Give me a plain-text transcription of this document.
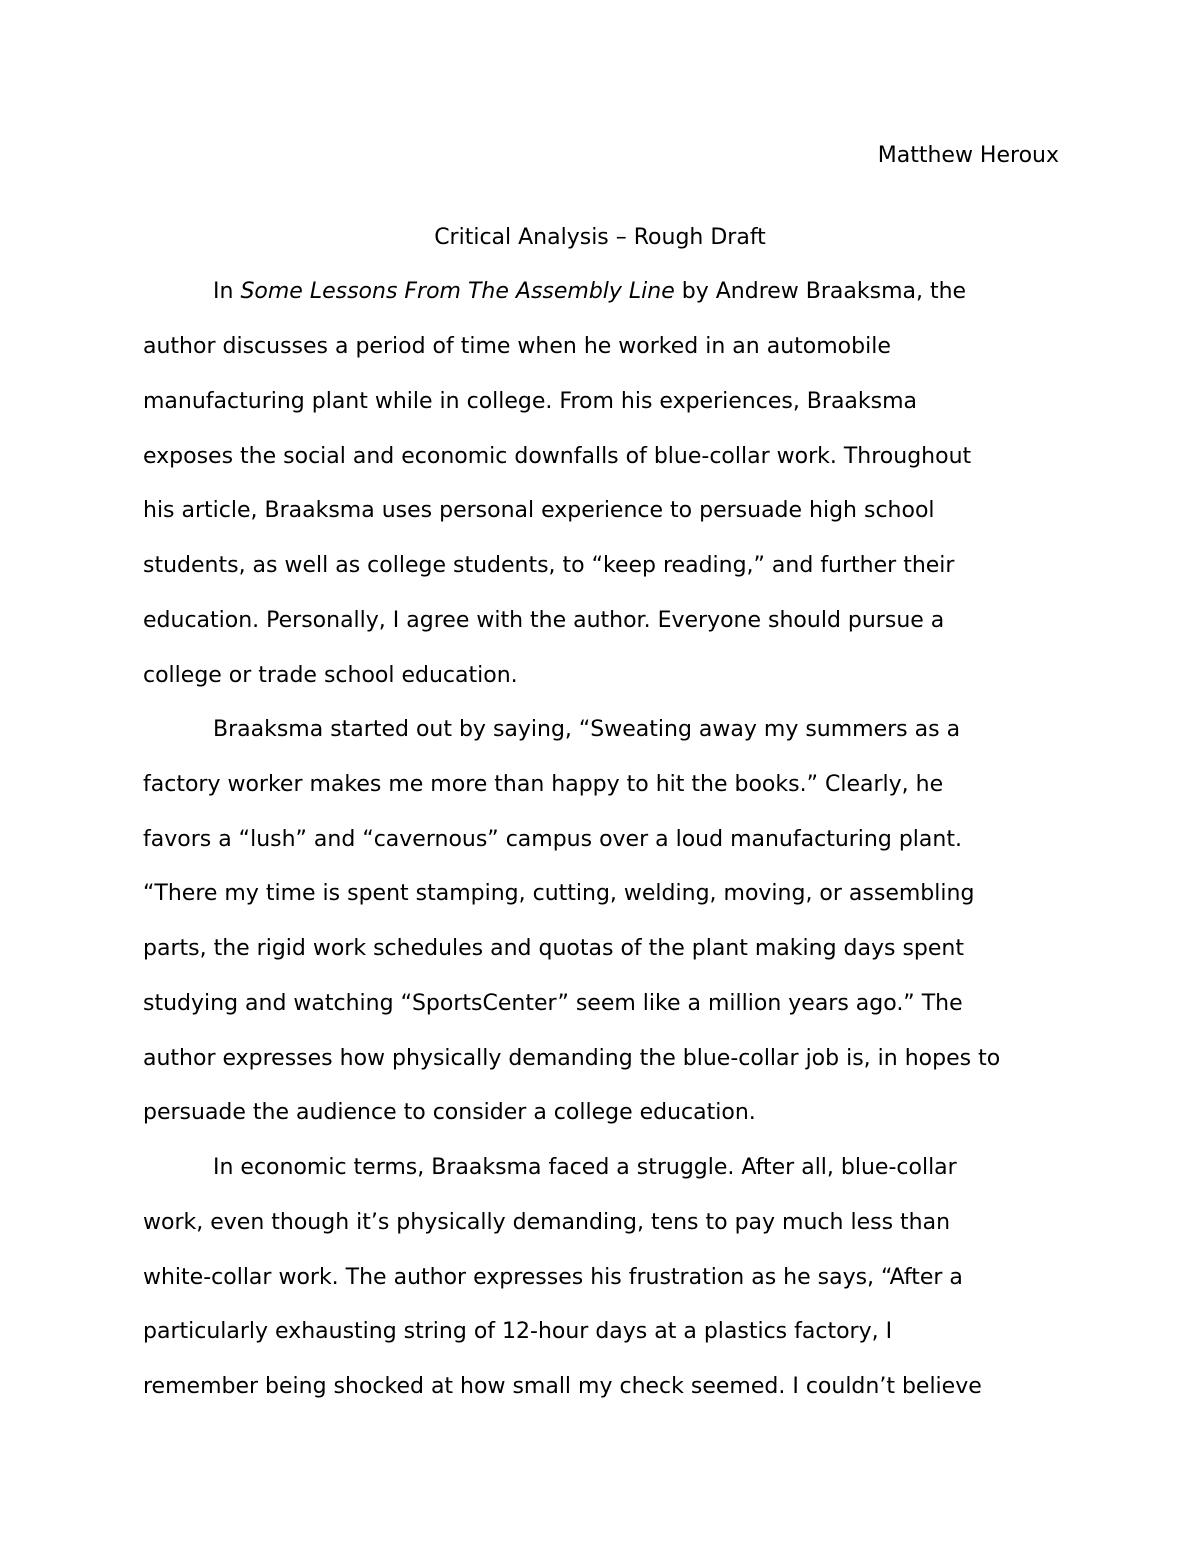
Matthew Heroux
Critical Analysis – Rough Draft
In Some Lessons From The Assembly Line by Andrew Braaksma, the
author discusses a period of time when he worked in an automobile
manufacturing plant while in college. From his experiences, Braaksma
exposes the social and economic downfalls of blue-collar work. Throughout
his article, Braaksma uses personal experience to persuade high school
students, as well as college students, to “keep reading,” and further their
education. Personally, I agree with the author. Everyone should pursue a
college or trade school education.
Braaksma started out by saying, “Sweating away my summers as a
factory worker makes me more than happy to hit the books.” Clearly, he
favors a “lush” and “cavernous” campus over a loud manufacturing plant.
“There my time is spent stamping, cutting, welding, moving, or assembling
parts, the rigid work schedules and quotas of the plant making days spent
studying and watching “SportsCenter” seem like a million years ago.” The
author expresses how physically demanding the blue-collar job is, in hopes to
persuade the audience to consider a college education.
In economic terms, Braaksma faced a struggle. After all, blue-collar
work, even though it’s physically demanding, tens to pay much less than
white-collar work. The author expresses his frustration as he says, “After a
particularly exhausting string of 12-hour days at a plastics factory, I
remember being shocked at how small my check seemed. I couldn’t believe
